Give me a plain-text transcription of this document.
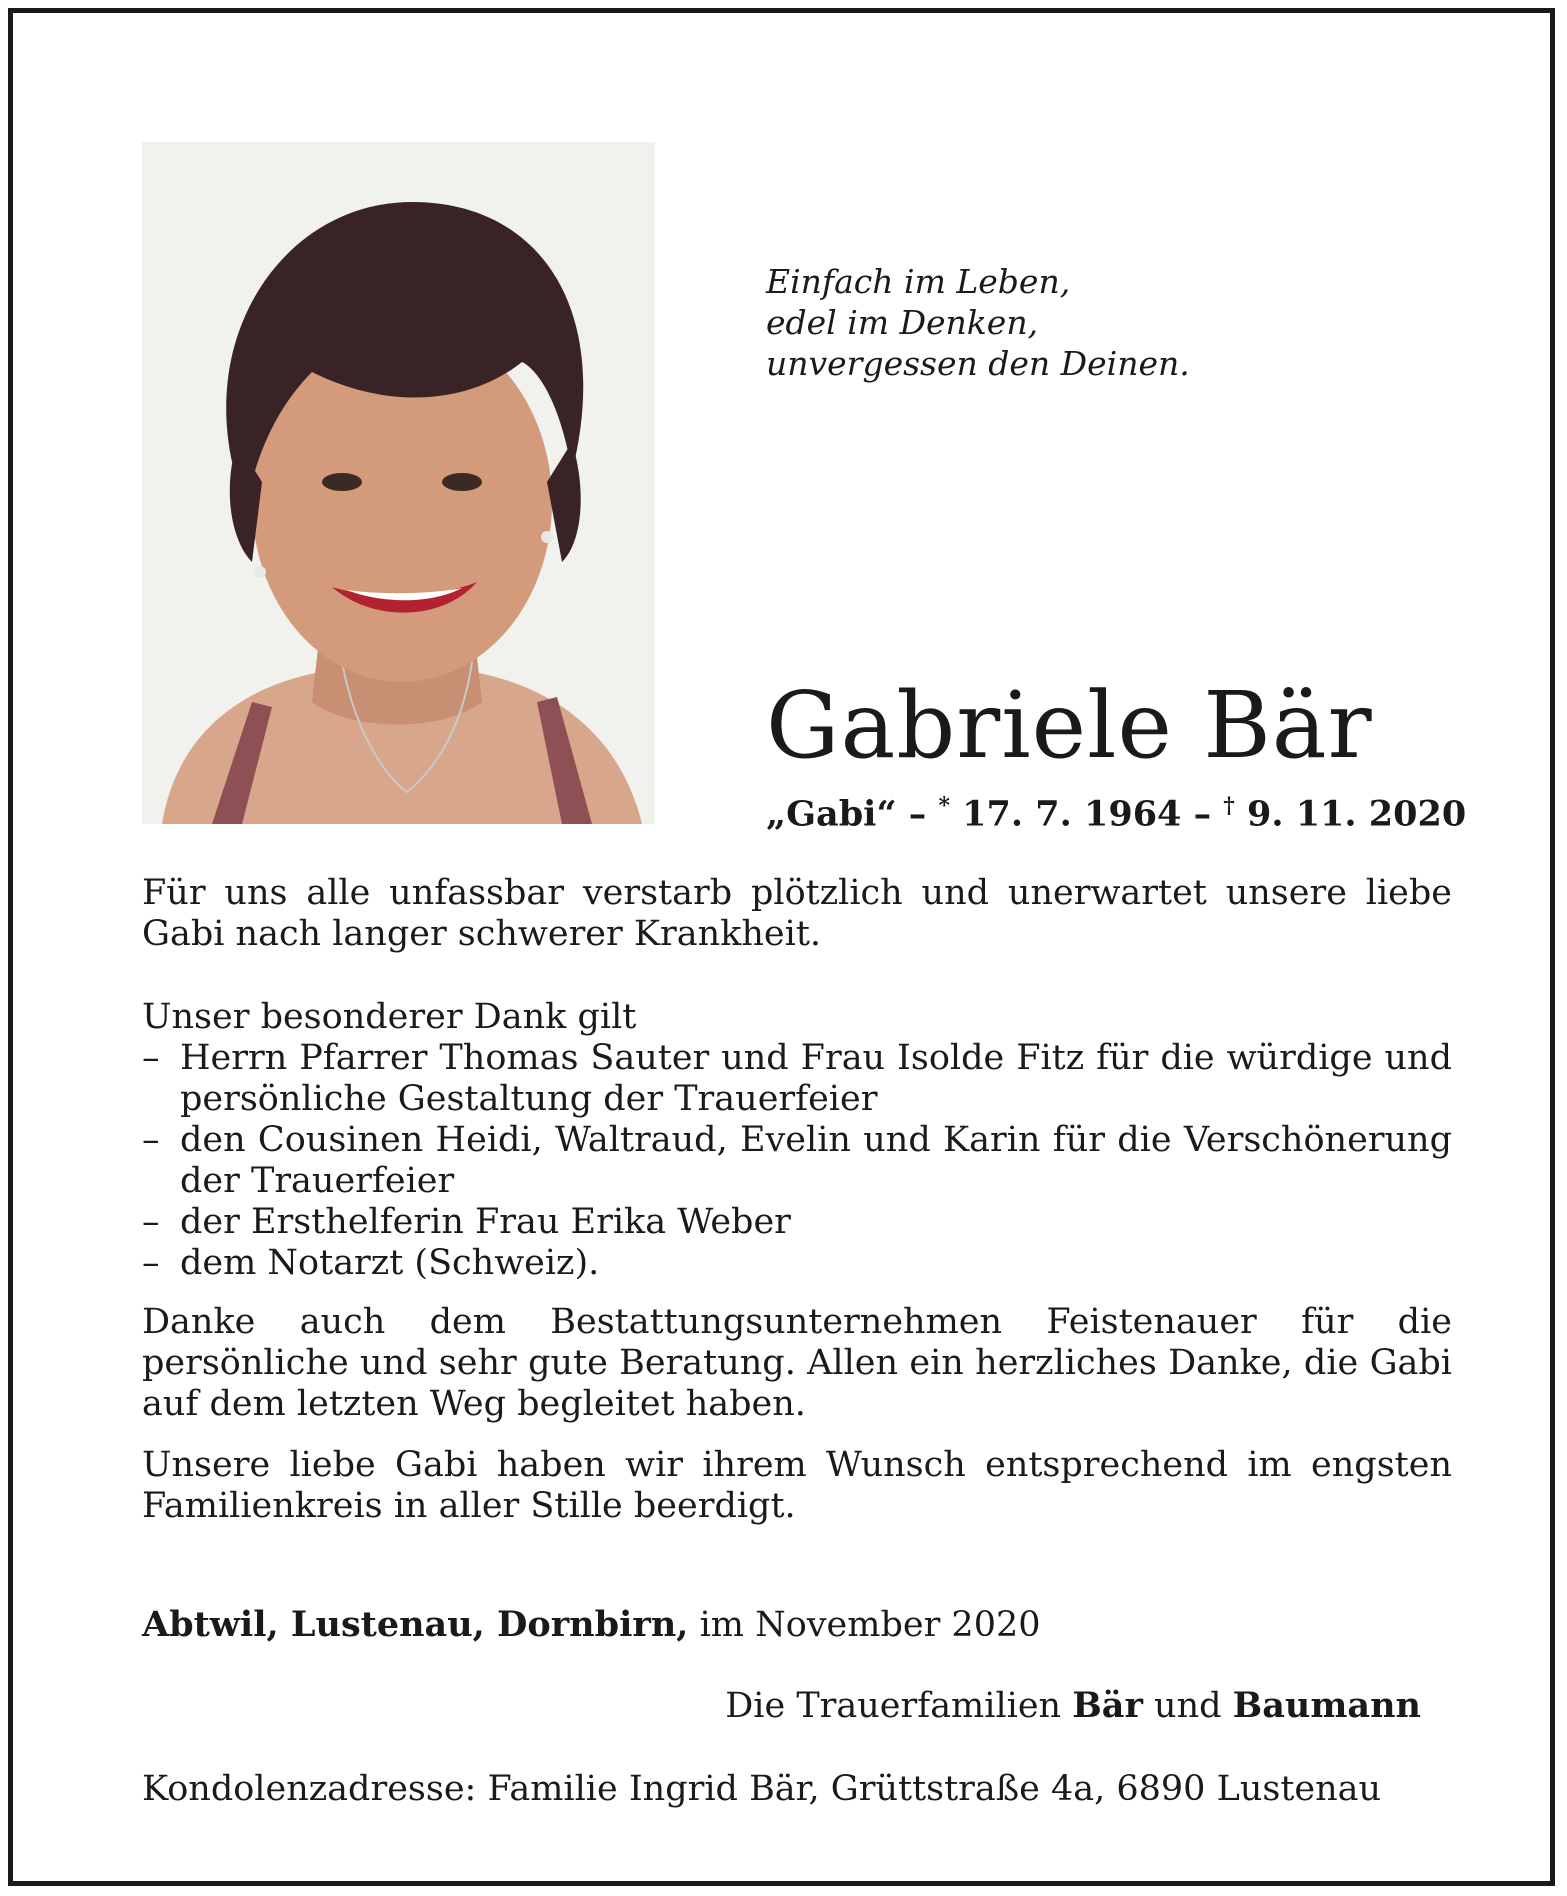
Einfach im Leben,
edel im Denken,
unvergessen den Deinen.
Gabriele Bär
„Gabi“ – * 17. 7. 1964 – † 9. 11. 2020

Für uns alle unfassbar verstarb plötzlich und unerwartet unsere liebe Gabi nach langer schwerer Krankheit.

Unser besonderer Dank gilt

– Herrn Pfarrer Thomas Sauter und Frau Isolde Fitz für die würdige und persönliche Gestaltung der Trauerfeier
– den Cousinen Heidi, Waltraud, Evelin und Karin für die Verschönerung der Trauerfeier
– der Ersthelferin Frau Erika Weber
– dem Notarzt (Schweiz).

Danke auch dem Bestattungsunternehmen Feistenauer für die persönliche und sehr gute Beratung. Allen ein herzliches Danke, die Gabi auf dem letzten Weg begleitet haben.

Unsere liebe Gabi haben wir ihrem Wunsch entsprechend im engsten Familienkreis in aller Stille beerdigt.

Abtwil, Lustenau, Dornbirn, im November 2020
Die Trauerfamilien Bär und Baumann
Kondolenzadresse: Familie Ingrid Bär, Grüttstraße 4a, 6890 Lustenau
